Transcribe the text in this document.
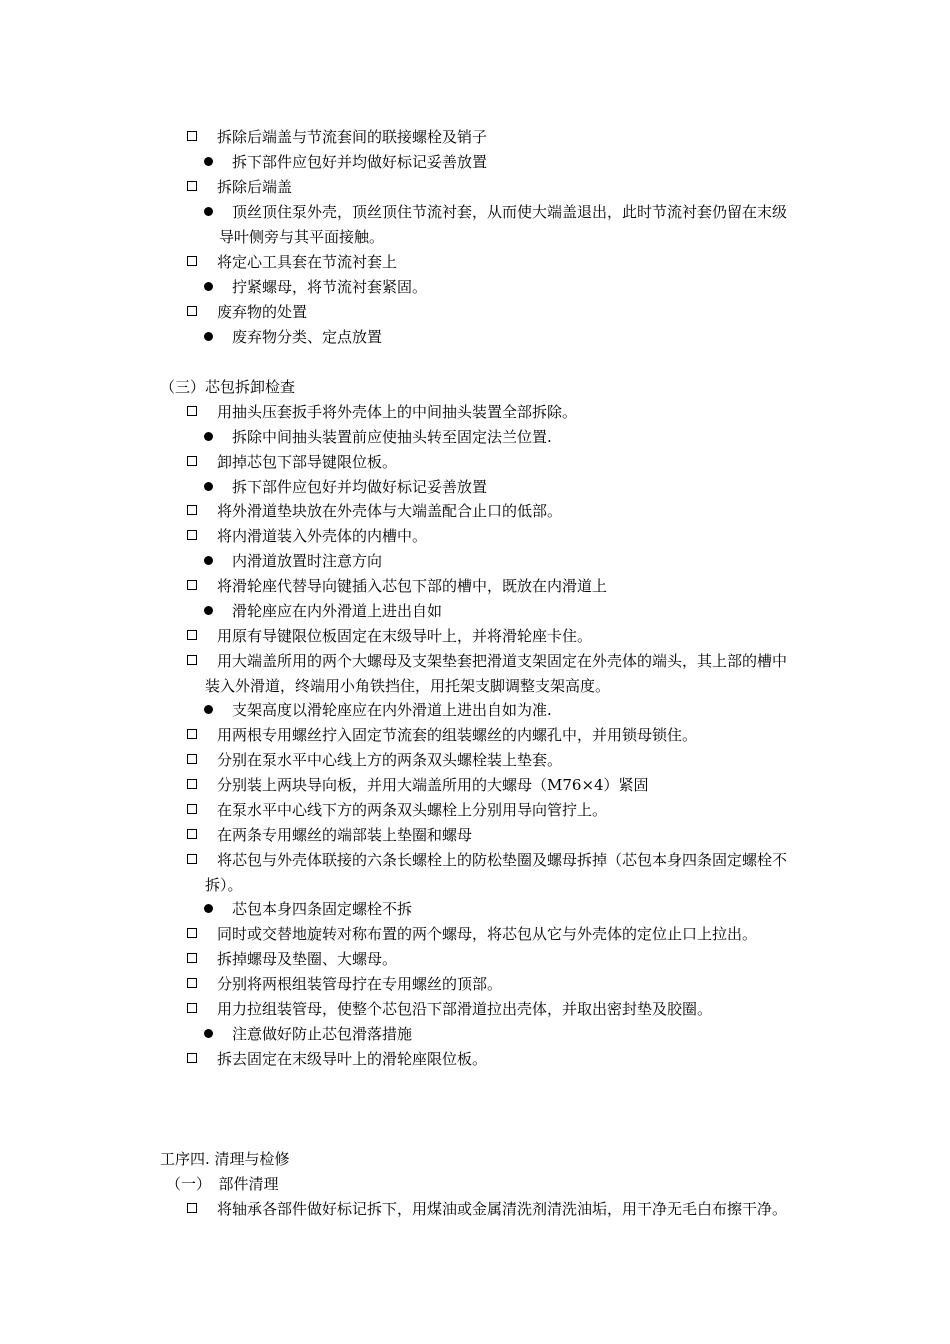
拆除后端盖与节流套间的联接螺栓及销子
拆下部件应包好并均做好标记妥善放置
拆除后端盖
顶丝顶住泵外壳，顶丝顶住节流衬套，从而使大端盖退出，此时节流衬套仍留在末级
导叶侧旁与其平面接触。
将定心工具套在节流衬套上
拧紧螺母，将节流衬套紧固。
废弃物的处置
废弃物分类、定点放置
（三）芯包拆卸检查
用抽头压套扳手将外壳体上的中间抽头装置全部拆除。
拆除中间抽头装置前应使抽头转至固定法兰位置.
卸掉芯包下部导键限位板。
拆下部件应包好并均做好标记妥善放置
将外滑道垫块放在外壳体与大端盖配合止口的低部。
将内滑道装入外壳体的内槽中。
内滑道放置时注意方向
将滑轮座代替导向键插入芯包下部的槽中，既放在内滑道上
滑轮座应在内外滑道上进出自如
用原有导键限位板固定在末级导叶上，并将滑轮座卡住。
用大端盖所用的两个大螺母及支架垫套把滑道支架固定在外壳体的端头，其上部的槽中
装入外滑道，终端用小角铁挡住，用托架支脚调整支架高度。
支架高度以滑轮座应在内外滑道上进出自如为准.
用两根专用螺丝拧入固定节流套的组装螺丝的内螺孔中，并用锁母锁住。
分别在泵水平中心线上方的两条双头螺栓装上垫套。
分别装上两块导向板，并用大端盖所用的大螺母（M76×4）紧固
在泵水平中心线下方的两条双头螺栓上分别用导向管拧上。
在两条专用螺丝的端部装上垫圈和螺母
将芯包与外壳体联接的六条长螺栓上的防松垫圈及螺母拆掉（芯包本身四条固定螺栓不
拆）。
芯包本身四条固定螺栓不拆
同时或交替地旋转对称布置的两个螺母，将芯包从它与外壳体的定位止口上拉出。
拆掉螺母及垫圈、大螺母。
分别将两根组装管母拧在专用螺丝的顶部。
用力拉组装管母，使整个芯包沿下部滑道拉出壳体，并取出密封垫及胶圈。
注意做好防止芯包滑落措施
拆去固定在末级导叶上的滑轮座限位板。
工序四. 清理与检修
（一）　部件清理
将轴承各部件做好标记拆下，用煤油或金属清洗剂清洗油垢，用干净无毛白布擦干净。
